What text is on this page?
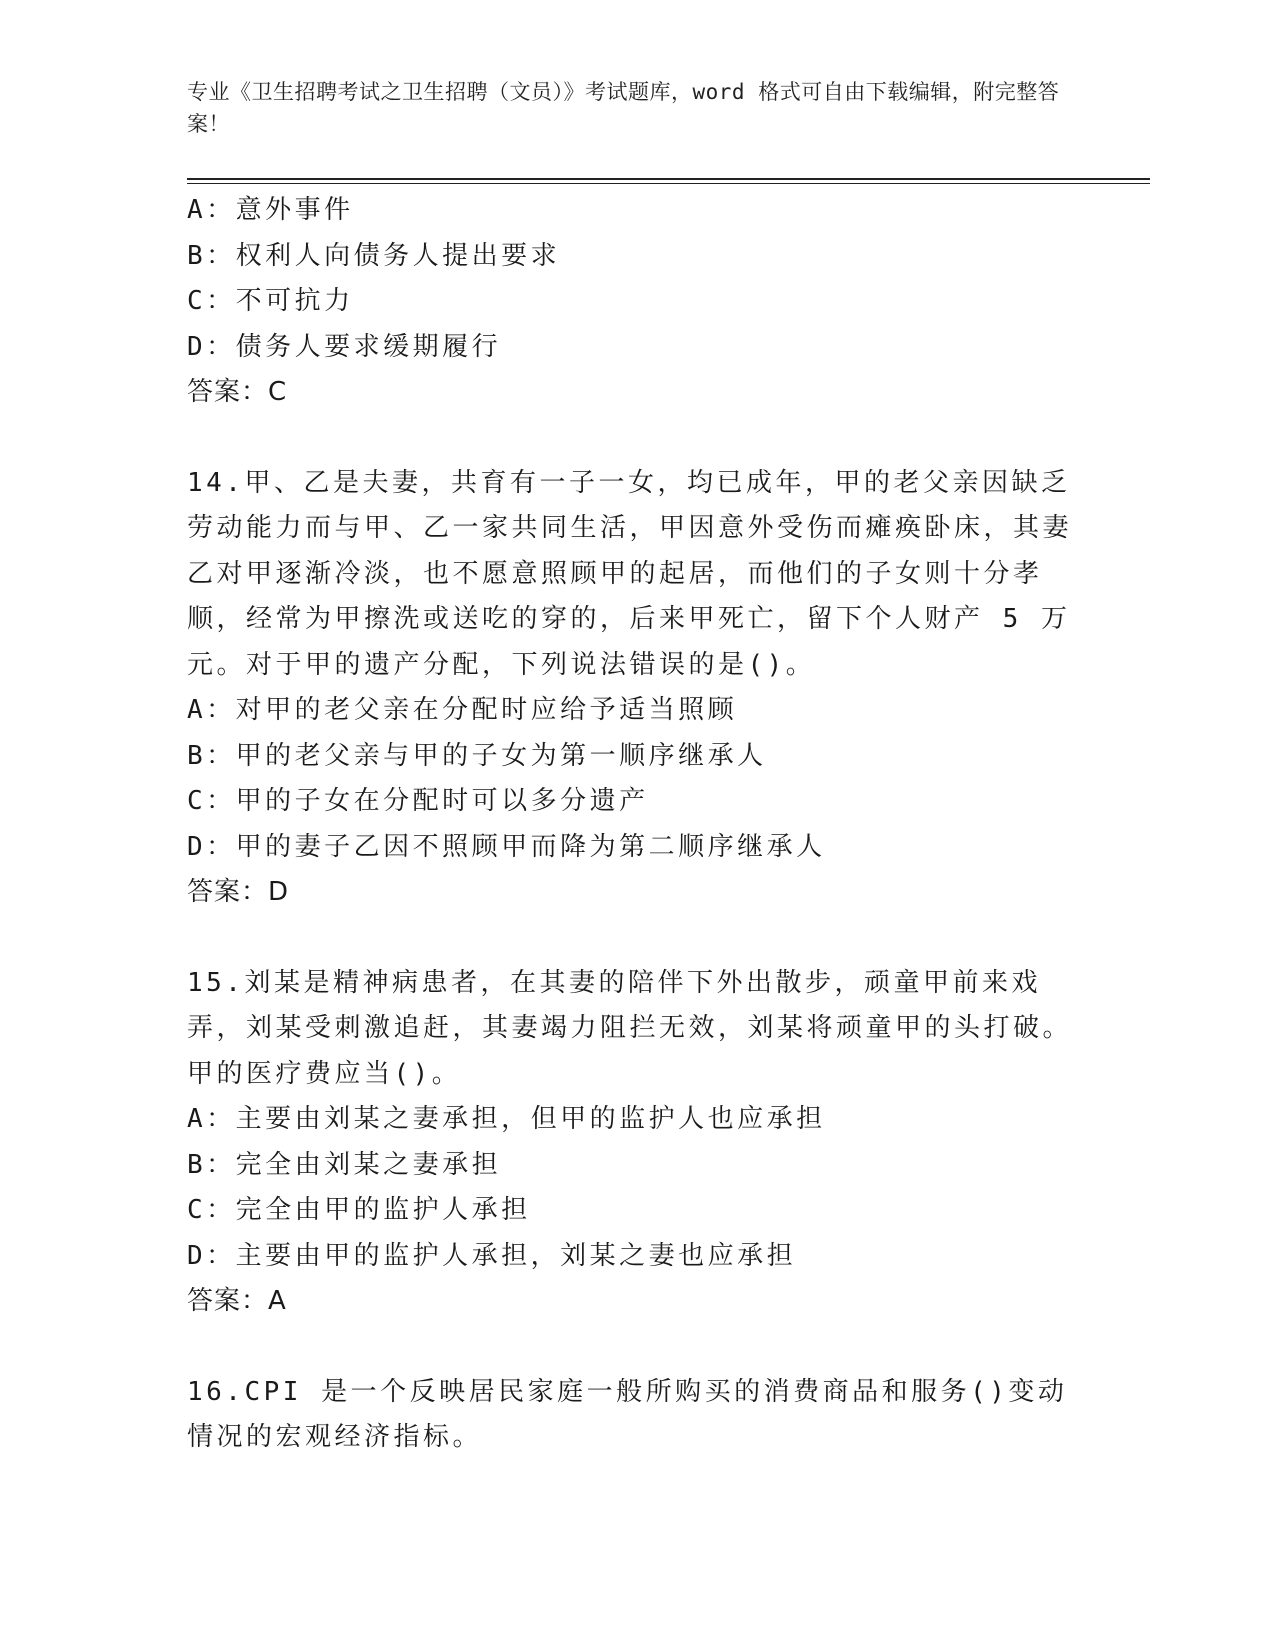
专业《卫生招聘考试之卫生招聘（文员）》考试题库，word 格式可自由下载编辑，附完整答案！
A：意外事件
B：权利人向债务人提出要求
C：不可抗力
D：债务人要求缓期履行
答案：C
14.甲、乙是夫妻，共育有一子一女，均已成年，甲的老父亲因缺乏劳动能力而与甲、乙一家共同生活，甲因意外受伤而瘫痪卧床，其妻乙对甲逐渐冷淡，也不愿意照顾甲的起居，而他们的子女则十分孝顺，经常为甲擦洗或送吃的穿的，后来甲死亡，留下个人财产 5 万元。对于甲的遗产分配，下列说法错误的是()。
A：对甲的老父亲在分配时应给予适当照顾
B：甲的老父亲与甲的子女为第一顺序继承人
C：甲的子女在分配时可以多分遗产
D：甲的妻子乙因不照顾甲而降为第二顺序继承人
答案：D
15.刘某是精神病患者，在其妻的陪伴下外出散步，顽童甲前来戏弄，刘某受刺激追赶，其妻竭力阻拦无效，刘某将顽童甲的头打破。甲的医疗费应当()。
A：主要由刘某之妻承担，但甲的监护人也应承担
B：完全由刘某之妻承担
C：完全由甲的监护人承担
D：主要由甲的监护人承担，刘某之妻也应承担
答案：A
16.CPI 是一个反映居民家庭一般所购买的消费商品和服务()变动情况的宏观经济指标。
